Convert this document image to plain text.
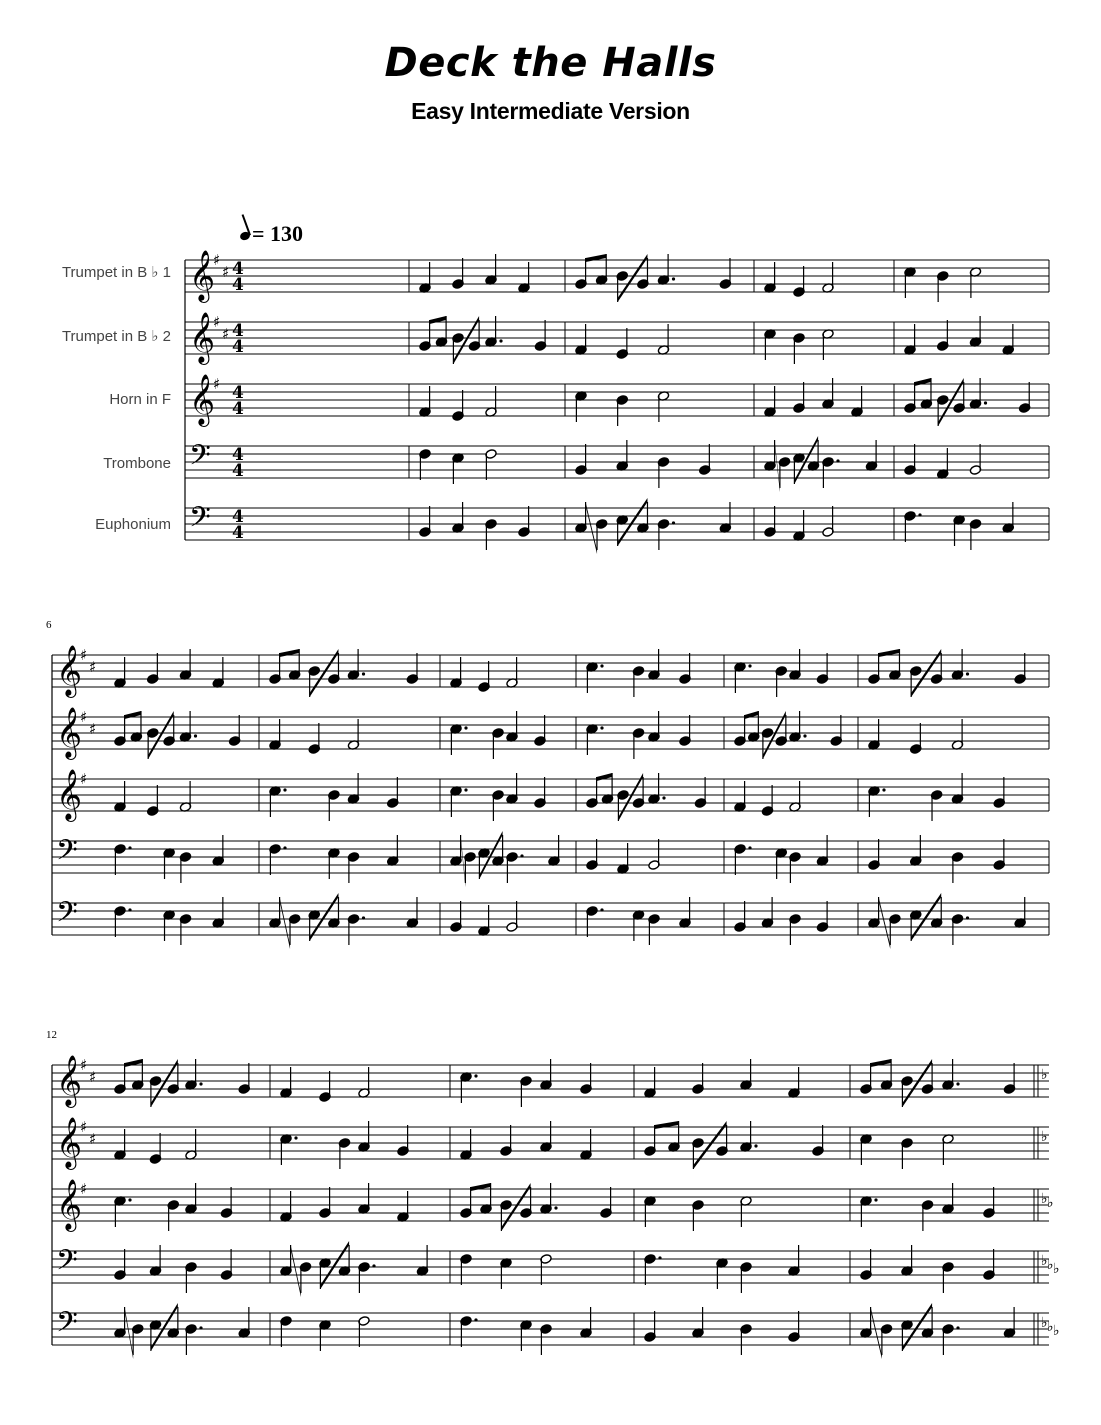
Deck the Halls
Easy Intermediate Version
= 130
Trumpet in B ♭ 1
Trumpet in B ♭ 2
Horn in F
Trombone
Euphonium
6
12
𝄞
♯
♯ 4
4
𝄞
♯
♯ 4
4
𝄞
♯ 4
4
𝄢 4
4
𝄢 4
4
𝄞
♯
♯
𝄞
♯
♯
𝄞
♯
𝄢
𝄢
𝄞
♯
♯
𝄞
♯
♯
𝄞
♯
𝄢
𝄢
♭
♭
♭ ♭
♭ ♭ ♭
♭ ♭ ♭
